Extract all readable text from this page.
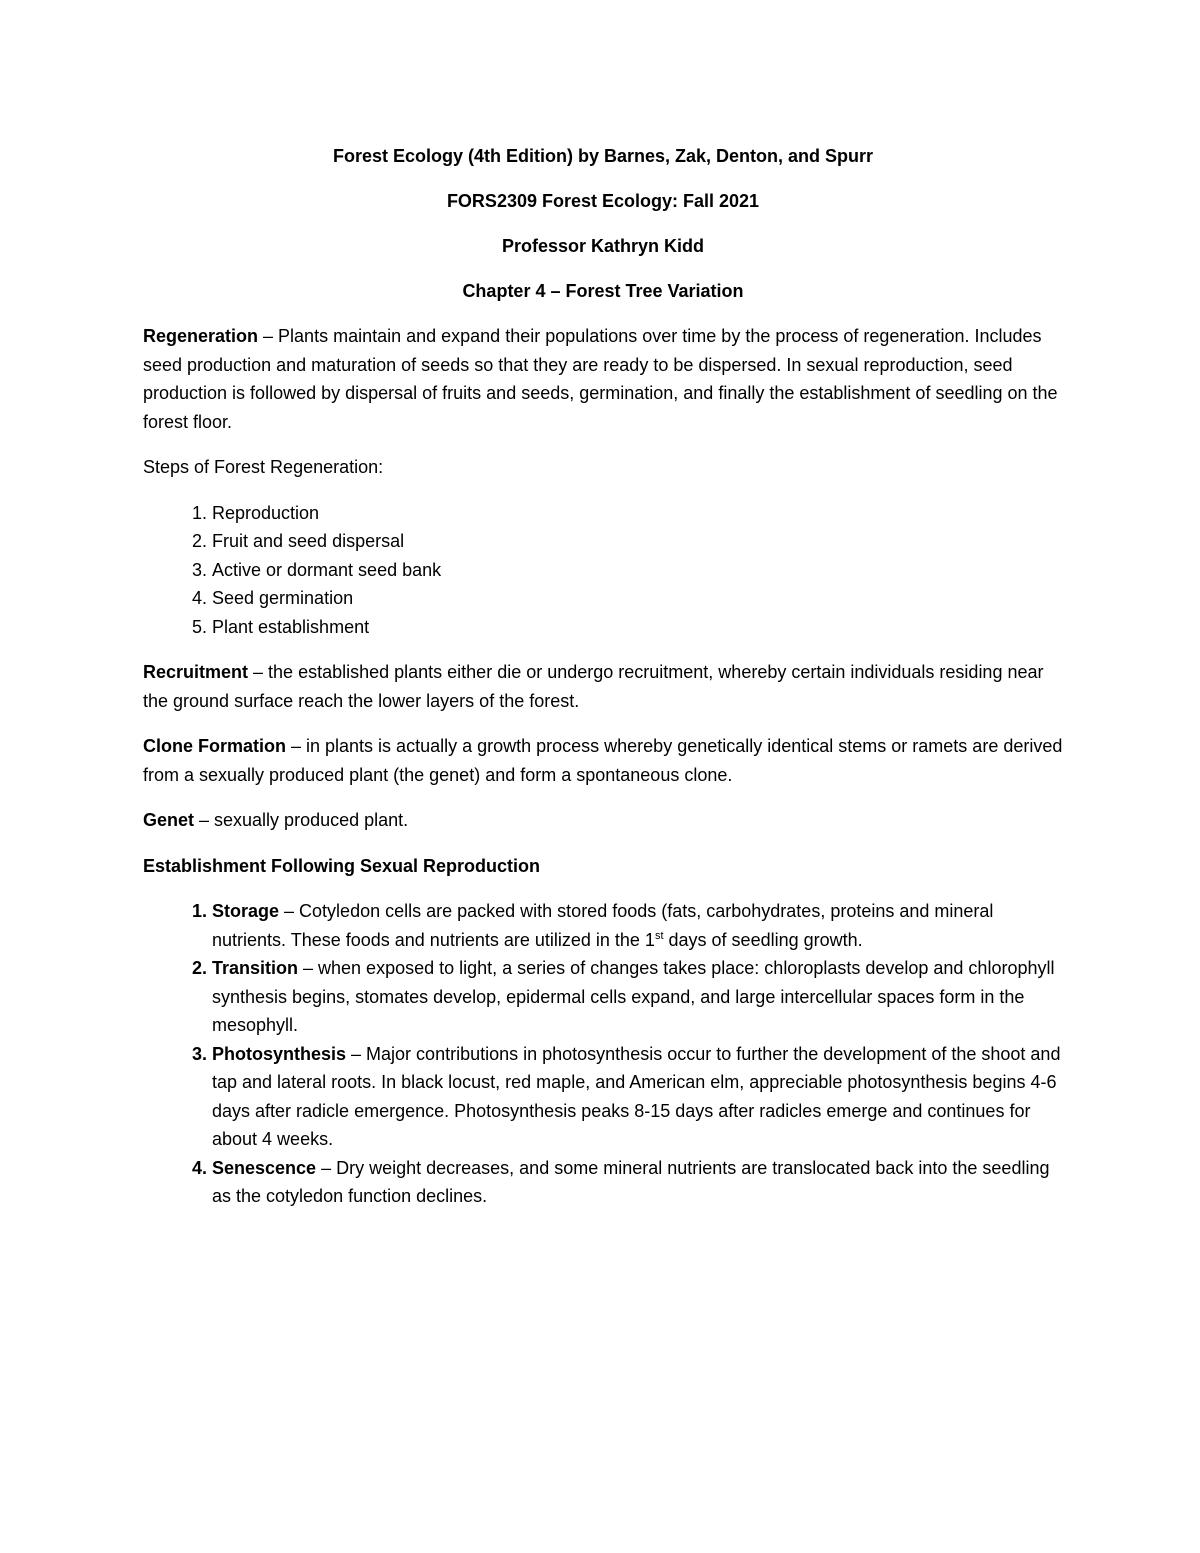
Forest Ecology (4th Edition) by Barnes, Zak, Denton, and Spurr
FORS2309 Forest Ecology: Fall 2021
Professor Kathryn Kidd
Chapter 4 – Forest Tree Variation

Regeneration – Plants maintain and expand their populations over time by the process of regeneration. Includes seed production and maturation of seeds so that they are ready to be dispersed. In sexual reproduction, seed production is followed by dispersal of fruits and seeds, germination, and finally the establishment of seedling on the forest floor.

Steps of Forest Regeneration:

1. Reproduction
2. Fruit and seed dispersal
3. Active or dormant seed bank
4. Seed germination
5. Plant establishment

Recruitment – the established plants either die or undergo recruitment, whereby certain individuals residing near the ground surface reach the lower layers of the forest.

Clone Formation – in plants is actually a growth process whereby genetically identical stems or ramets are derived from a sexually produced plant (the genet) and form a spontaneous clone.

Genet – sexually produced plant.

Establishment Following Sexual Reproduction
1. Storage – Cotyledon cells are packed with stored foods (fats, carbohydrates, proteins and mineral nutrients. These foods and nutrients are utilized in the 1st days of seedling growth.
2. Transition – when exposed to light, a series of changes takes place: chloroplasts develop and chlorophyll synthesis begins, stomates develop, epidermal cells expand, and large intercellular spaces form in the mesophyll.
3. Photosynthesis – Major contributions in photosynthesis occur to further the development of the shoot and tap and lateral roots. In black locust, red maple, and American elm, appreciable photosynthesis begins 4-6 days after radicle emergence. Photosynthesis peaks 8-15 days after radicles emerge and continues for about 4 weeks.
4. Senescence – Dry weight decreases, and some mineral nutrients are translocated back into the seedling as the cotyledon function declines.
